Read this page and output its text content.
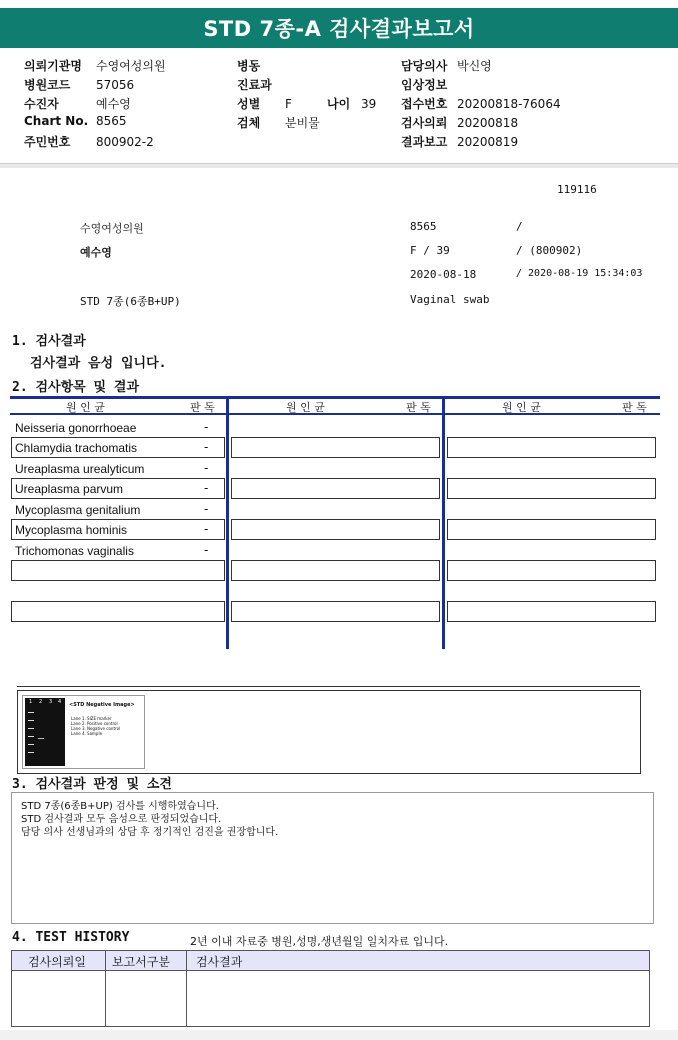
STD 7종-A 검사결과보고서
의뢰기관명 수영여성의원
병원코드 57056
수진자	예수영
Chart No. 8565
주민번호 800902-2
병동
진료과
성별 F	나이 39
검체 분비물
담당의사 박신영
임상정보
접수번호 20200818-76064
검사의뢰 20200818
결과보고 20200819
119116
수영여성의원	8565	/
예수영	F / 39	/ (800902)
2020-08-18	/ 2020-08-19 15:34:03
STD 7종(6종B+UP)	Vaginal swab
1. 검사결과
검사결과 음성 입니다.
2. 검사항목 및 결과
원 인 균	판 독	원 인 균	판 독	원 인 균	판 독
Neisseria gonorrhoeae	-
Chlamydia trachomatis	-
Ureaplasma urealyticum	-
Ureaplasma parvum	-
Mycoplasma genitalium	-
Mycoplasma hominis	-
Trichomonas vaginalis	-
1 2 3 4 <STD Negative Image>
Lane 1. SIZE marker
Lane 2. Positive control
Lane 3. Negative control
Lane 4. Sample
3. 검사결과 판정 및 소견
STD 7종(6종B+UP) 검사를 시행하였습니다.
STD 검사결과 모두 음성으로 판정되었습니다.
담당 의사 선생님과의 상담 후 정기적인 검진을 권장합니다.
4. TEST HISTORY	2년 이내 자료중 병원,성명,생년월일 일치자료 입니다.
검사의뢰일 보고서구분 검사결과
